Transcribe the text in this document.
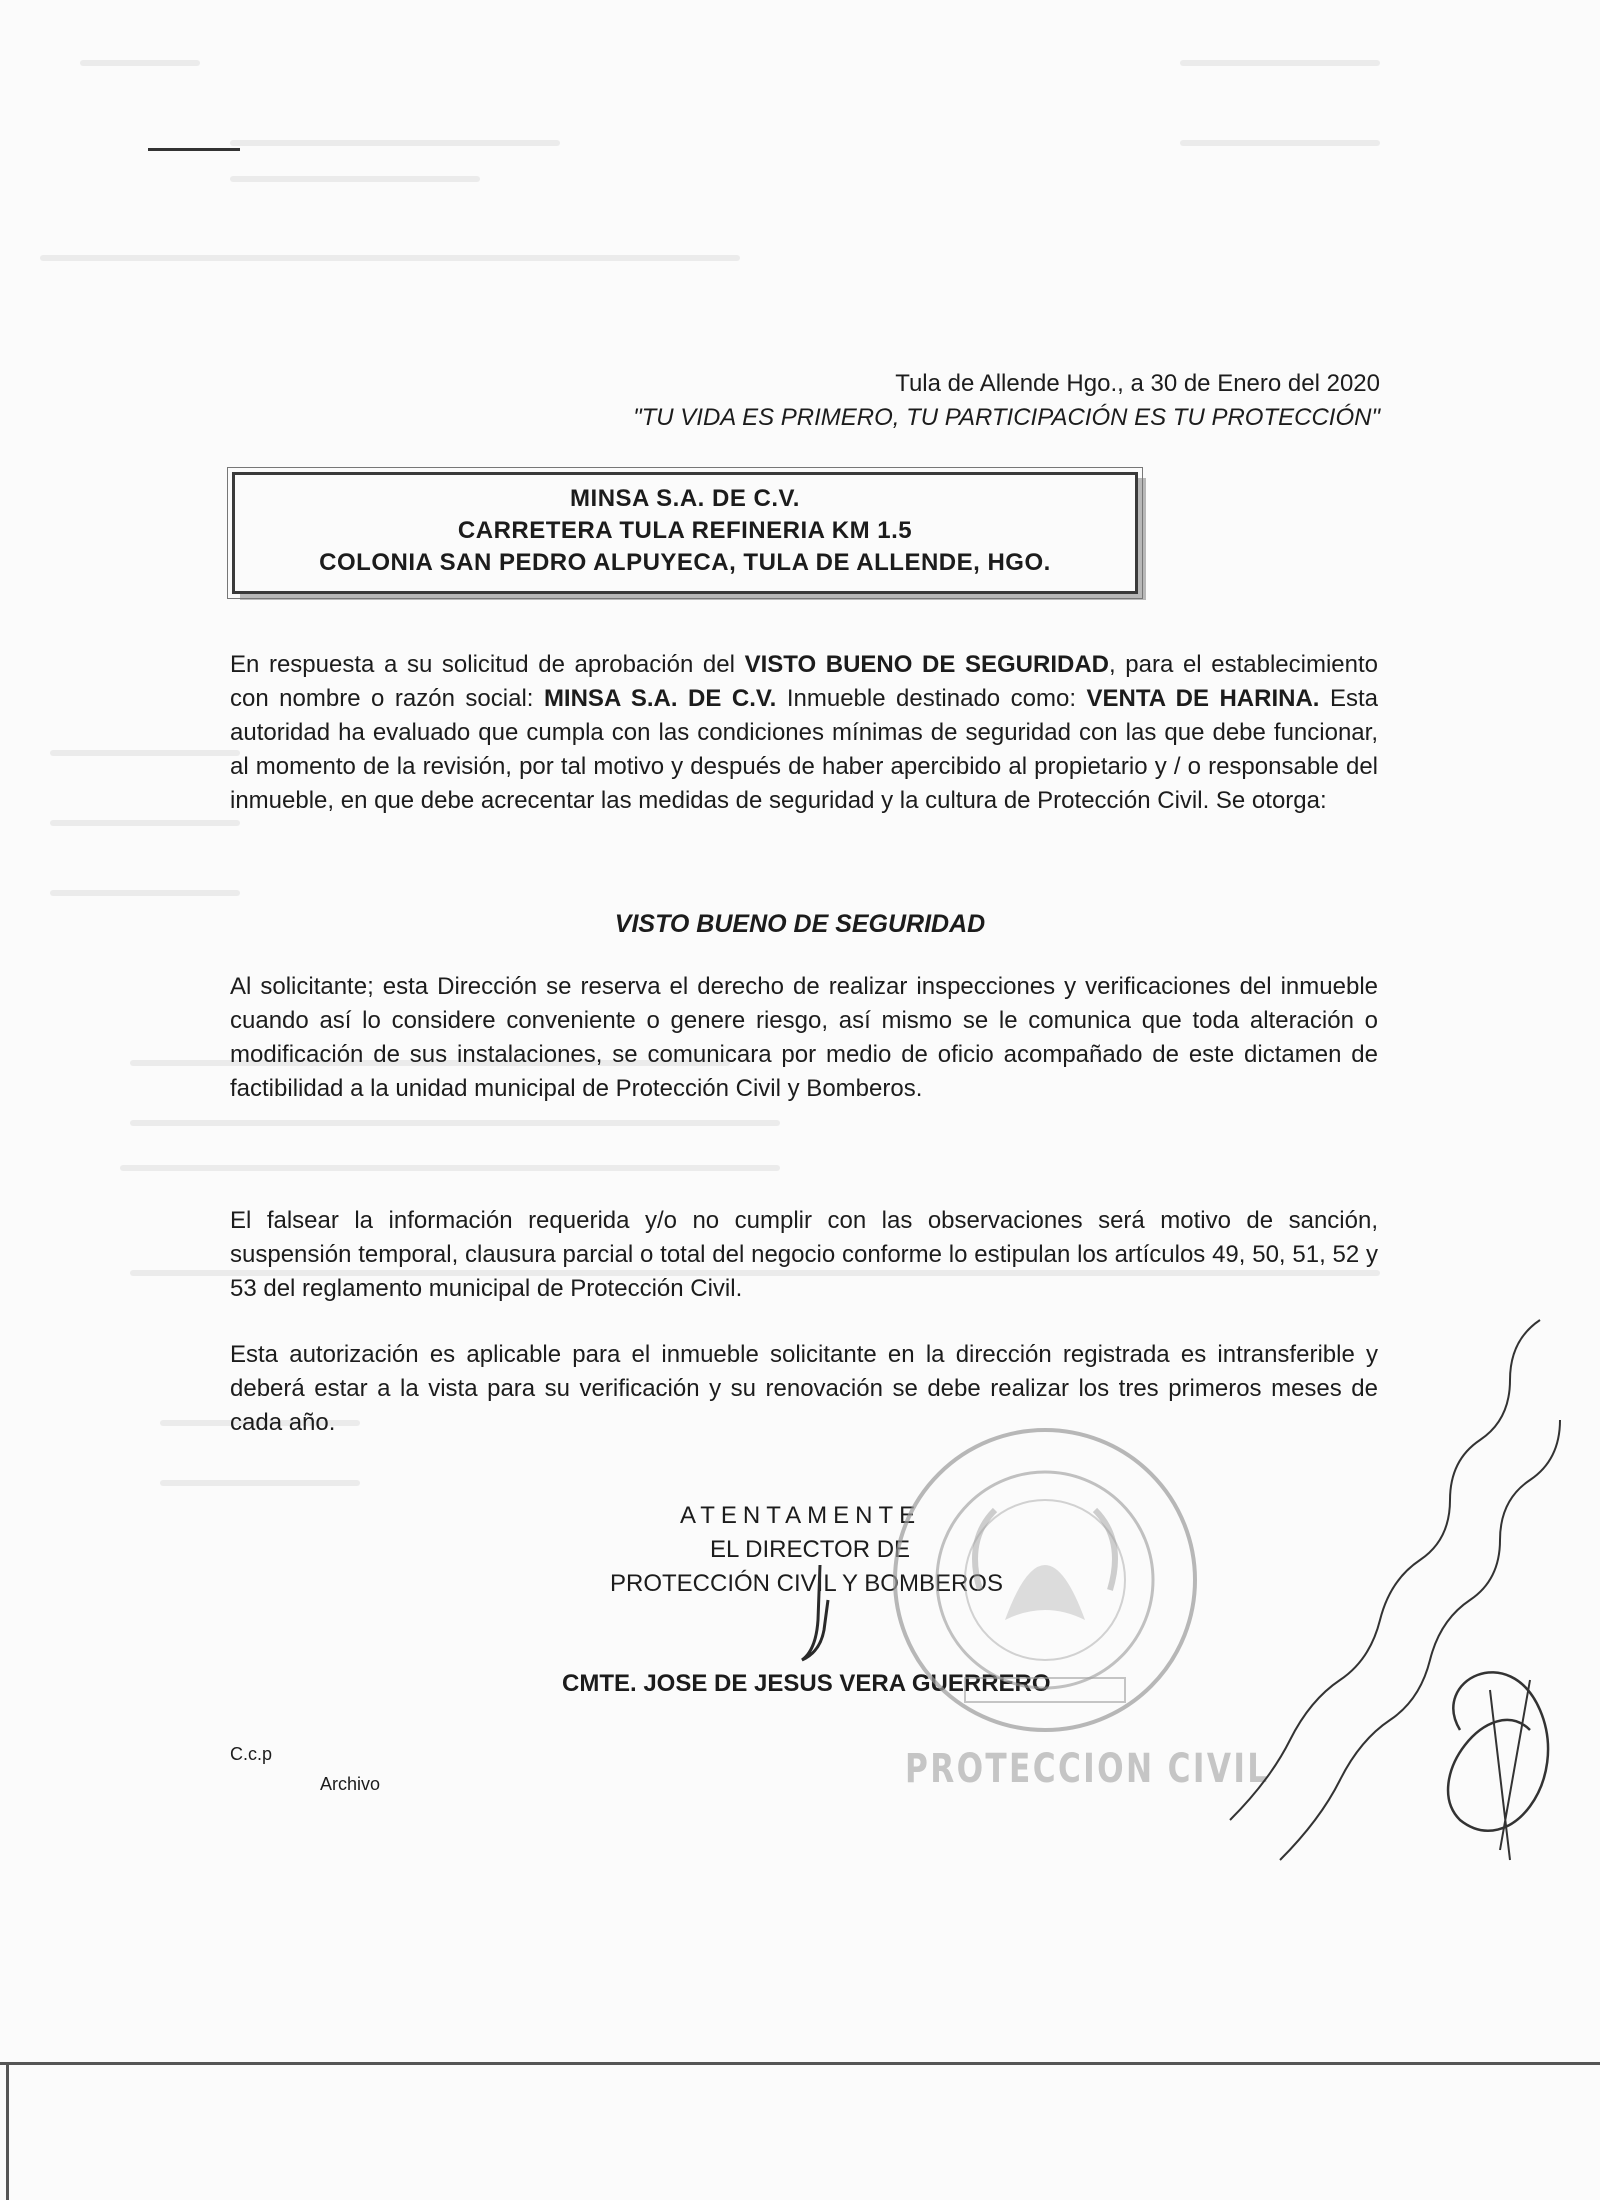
Tula de Allende Hgo., a 30 de Enero del 2020
"TU VIDA ES PRIMERO, TU PARTICIPACIÓN ES TU PROTECCIÓN"
MINSA S.A. DE C.V.
CARRETERA TULA REFINERIA KM 1.5
COLONIA SAN PEDRO ALPUYECA, TULA DE ALLENDE, HGO.
En respuesta a su solicitud de aprobación del VISTO BUENO DE SEGURIDAD, para el establecimiento con nombre o razón social: MINSA S.A. DE C.V. Inmueble destinado como: VENTA DE HARINA. Esta autoridad ha evaluado que cumpla con las condiciones mínimas de seguridad con las que debe funcionar, al momento de la revisión, por tal motivo y después de haber apercibido al propietario y / o responsable del inmueble, en que debe acrecentar las medidas de seguridad y la cultura de Protección Civil. Se otorga:
VISTO BUENO DE SEGURIDAD
Al solicitante; esta Dirección se reserva el derecho de realizar inspecciones y verificaciones del inmueble cuando así lo considere conveniente o genere riesgo, así mismo se le comunica que toda alteración o modificación de sus instalaciones, se comunicara por medio de oficio acompañado de este dictamen de factibilidad a la unidad municipal de Protección Civil y Bomberos.
El falsear la información requerida y/o no cumplir con las observaciones será motivo de sanción, suspensión temporal, clausura parcial o total del negocio conforme lo estipulan los artículos 49, 50, 51, 52 y 53 del reglamento municipal de Protección Civil.
Esta autorización es aplicable para el inmueble solicitante en la dirección registrada es intransferible y deberá estar a la vista para su verificación y su renovación se debe realizar los tres primeros meses de cada año.
ATENTAMENTE
EL DIRECTOR DE
PROTECCIÓN CIVIL Y BOMBEROS
CMTE. JOSE DE JESUS VERA GUERRERO
PROTECCION CIVIL
C.c.p
Archivo
